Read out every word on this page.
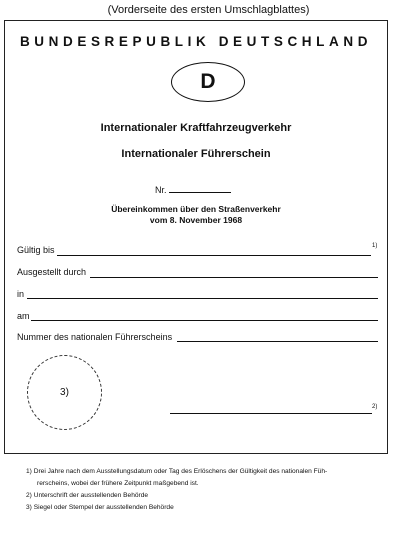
(Vorderseite des ersten Umschlagblattes)
BUNDESREPUBLIK DEUTSCHLAND
D
Internationaler Kraftfahrzeugverkehr
Internationaler Führerschein
Nr.
Übereinkommen über den Straßenverkehr
vom 8. November 1968
Gültig bis	1)
Ausgestellt durch
in
am
Nummer des nationalen Führerscheins
3)
2)
1) Drei Jahre nach dem Ausstellungsdatum oder Tag des Erlöschens der Gültigkeit des nationalen Füh-
rerscheins, wobei der frühere Zeitpunkt maßgebend ist.
2) Unterschrift der ausstellenden Behörde
3) Siegel oder Stempel der ausstellenden Behörde
